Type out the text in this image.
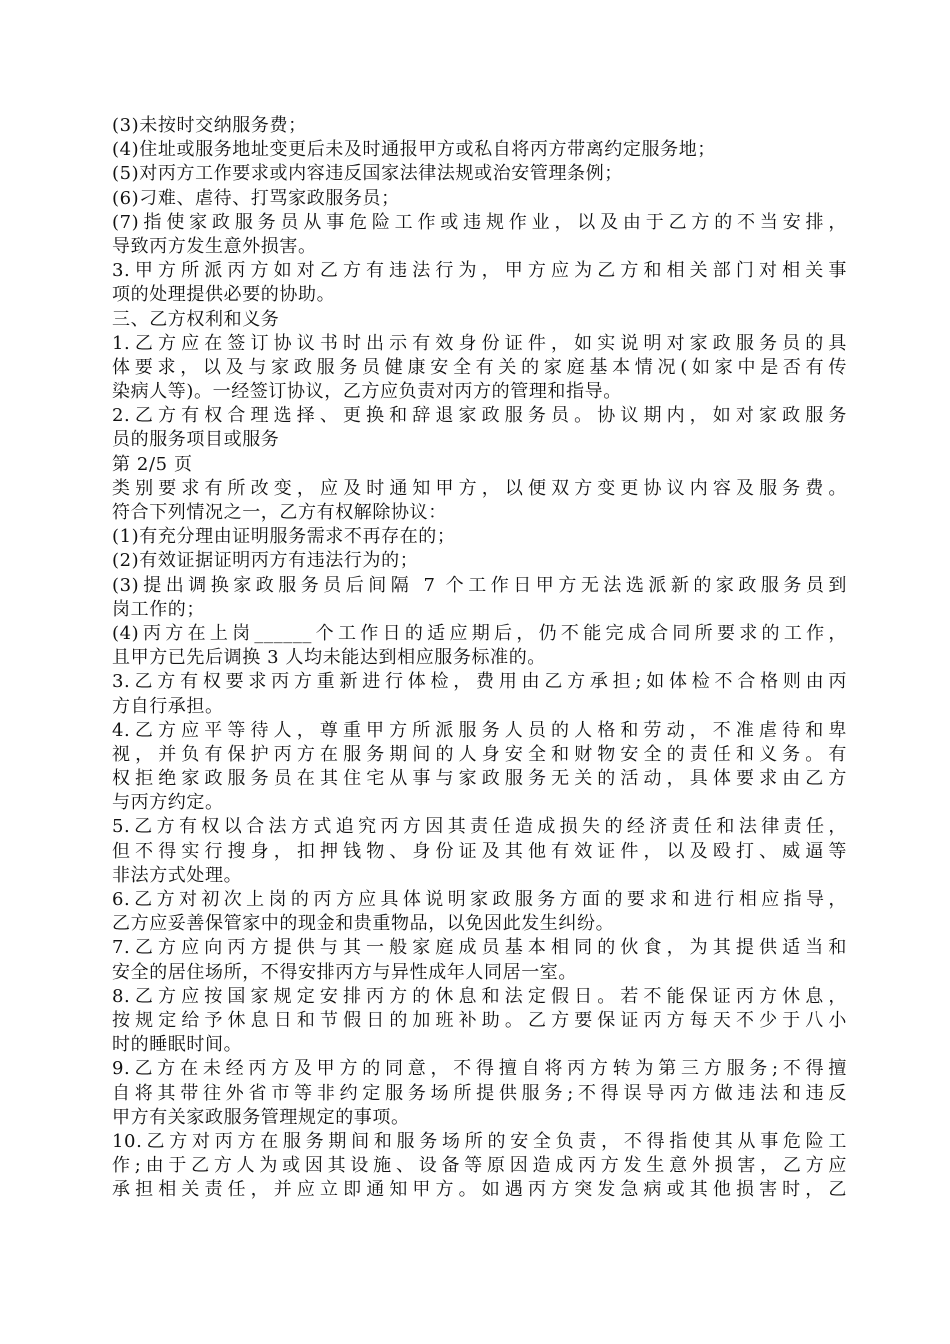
(3)未按时交纳服务费；
(4)住址或服务地址变更后未及时通报甲方或私自将丙方带离约定服务地；
(5)对丙方工作要求或内容违反国家法律法规或治安管理条例；
(6)刁难、虐待、打骂家政服务员；
(7)指使家政服务员从事危险工作或违规作业，以及由于乙方的不当安排，
导致丙方发生意外损害。
3.甲方所派丙方如对乙方有违法行为，甲方应为乙方和相关部门对相关事
项的处理提供必要的协助。
三、乙方权利和义务
1.乙方应在签订协议书时出示有效身份证件，如实说明对家政服务员的具
体要求，以及与家政服务员健康安全有关的家庭基本情况(如家中是否有传
染病人等)。一经签订协议，乙方应负责对丙方的管理和指导。
2.乙方有权合理选择、更换和辞退家政服务员。协议期内，如对家政服务
员的服务项目或服务
第 2/5 页
类别要求有所改变，应及时通知甲方，以便双方变更协议内容及服务费。
符合下列情况之一，乙方有权解除协议：
(1)有充分理由证明服务需求不再存在的；
(2)有效证据证明丙方有违法行为的；
(3)提出调换家政服务员后间隔 7 个工作日甲方无法选派新的家政服务员到
岗工作的；
(4)丙方在上岗______个工作日的适应期后，仍不能完成合同所要求的工作，
且甲方已先后调换 3 人均未能达到相应服务标准的。
3.乙方有权要求丙方重新进行体检，费用由乙方承担;如体检不合格则由丙
方自行承担。
4.乙方应平等待人，尊重甲方所派服务人员的人格和劳动，不准虐待和卑
视，并负有保护丙方在服务期间的人身安全和财物安全的责任和义务。有
权拒绝家政服务员在其住宅从事与家政服务无关的活动，具体要求由乙方
与丙方约定。
5.乙方有权以合法方式追究丙方因其责任造成损失的经济责任和法律责任，
但不得实行搜身，扣押钱物、身份证及其他有效证件，以及殴打、威逼等
非法方式处理。
6.乙方对初次上岗的丙方应具体说明家政服务方面的要求和进行相应指导，
乙方应妥善保管家中的现金和贵重物品，以免因此发生纠纷。
7.乙方应向丙方提供与其一般家庭成员基本相同的伙食，为其提供适当和
安全的居住场所，不得安排丙方与异性成年人同居一室。
8.乙方应按国家规定安排丙方的休息和法定假日。若不能保证丙方休息，
按规定给予休息日和节假日的加班补助。乙方要保证丙方每天不少于八小
时的睡眠时间。
9.乙方在未经丙方及甲方的同意，不得擅自将丙方转为第三方服务;不得擅
自将其带往外省市等非约定服务场所提供服务;不得误导丙方做违法和违反
甲方有关家政服务管理规定的事项。
10.乙方对丙方在服务期间和服务场所的安全负责，不得指使其从事危险工
作;由于乙方人为或因其设施、设备等原因造成丙方发生意外损害，乙方应
承担相关责任，并应立即通知甲方。如遇丙方突发急病或其他损害时，乙
